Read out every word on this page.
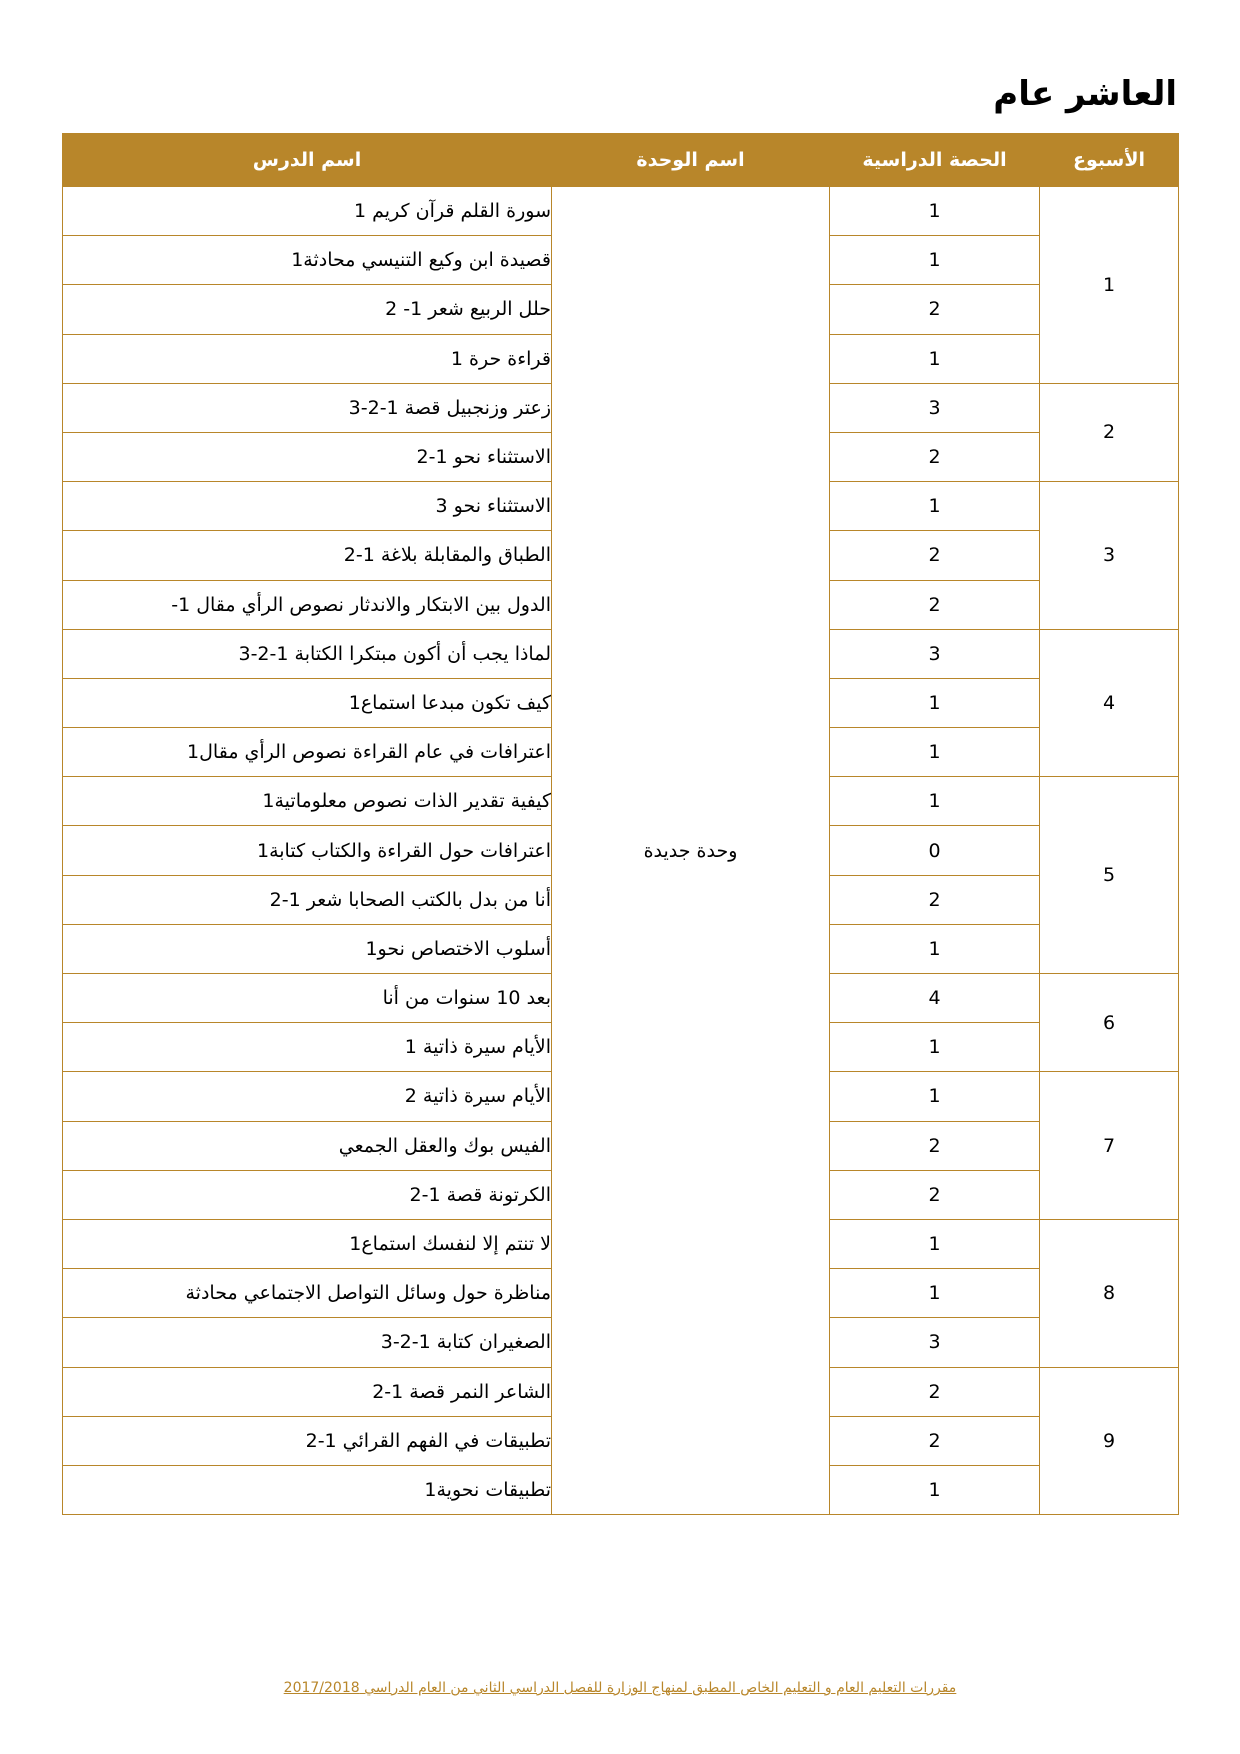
العاشر عام
الأسبوع	الحصة الدراسية	اسم الوحدة	اسم الدرس
1	1	وحدة جديدة	سورة القلم قرآن كريم 1
	1		قصيدة ابن وكيع التنيسي محادثة1
	2		حلل الربيع شعر 1- 2
	1		قراءة حرة 1
2	3		زعتر وزنجبيل قصة 1-2-3
	2		الاستثناء نحو 1-2
3	1		الاستثناء نحو 3
	2		الطباق والمقابلة بلاغة 1-2
	2		الدول بين الابتكار والاندثار نصوص الرأي مقال 1-
4	3		لماذا يجب أن أكون مبتكرا الكتابة 1-2-3
	1		كيف تكون مبدعا استماع1
	1		اعترافات في عام القراءة نصوص الرأي مقال1
5	1		كيفية تقدير الذات نصوص معلوماتية1
	0		اعترافات حول القراءة والكتاب كتابة1
	2		أنا من بدل بالكتب الصحابا شعر 1-2
	1		أسلوب الاختصاص نحو1
6	4		بعد 10 سنوات من أنا
	1		الأيام سيرة ذاتية 1
7	1		الأيام سيرة ذاتية 2
	2		الفيس بوك والعقل الجمعي
	2		الكرتونة قصة 1-2
8	1		لا تنتم إلا لنفسك استماع1
	1		مناظرة حول وسائل التواصل الاجتماعي محادثة
	3		الصغيران كتابة 1-2-3
9	2		الشاعر النمر قصة 1-2
	2		تطبيقات في الفهم القرائي 1-2
	1		تطبيقات نحوية1
مقررات التعليم العام و التعليم الخاص المطبق لمنهاج الوزارة للفصل الدراسي الثاني من العام الدراسي 2017/2018
